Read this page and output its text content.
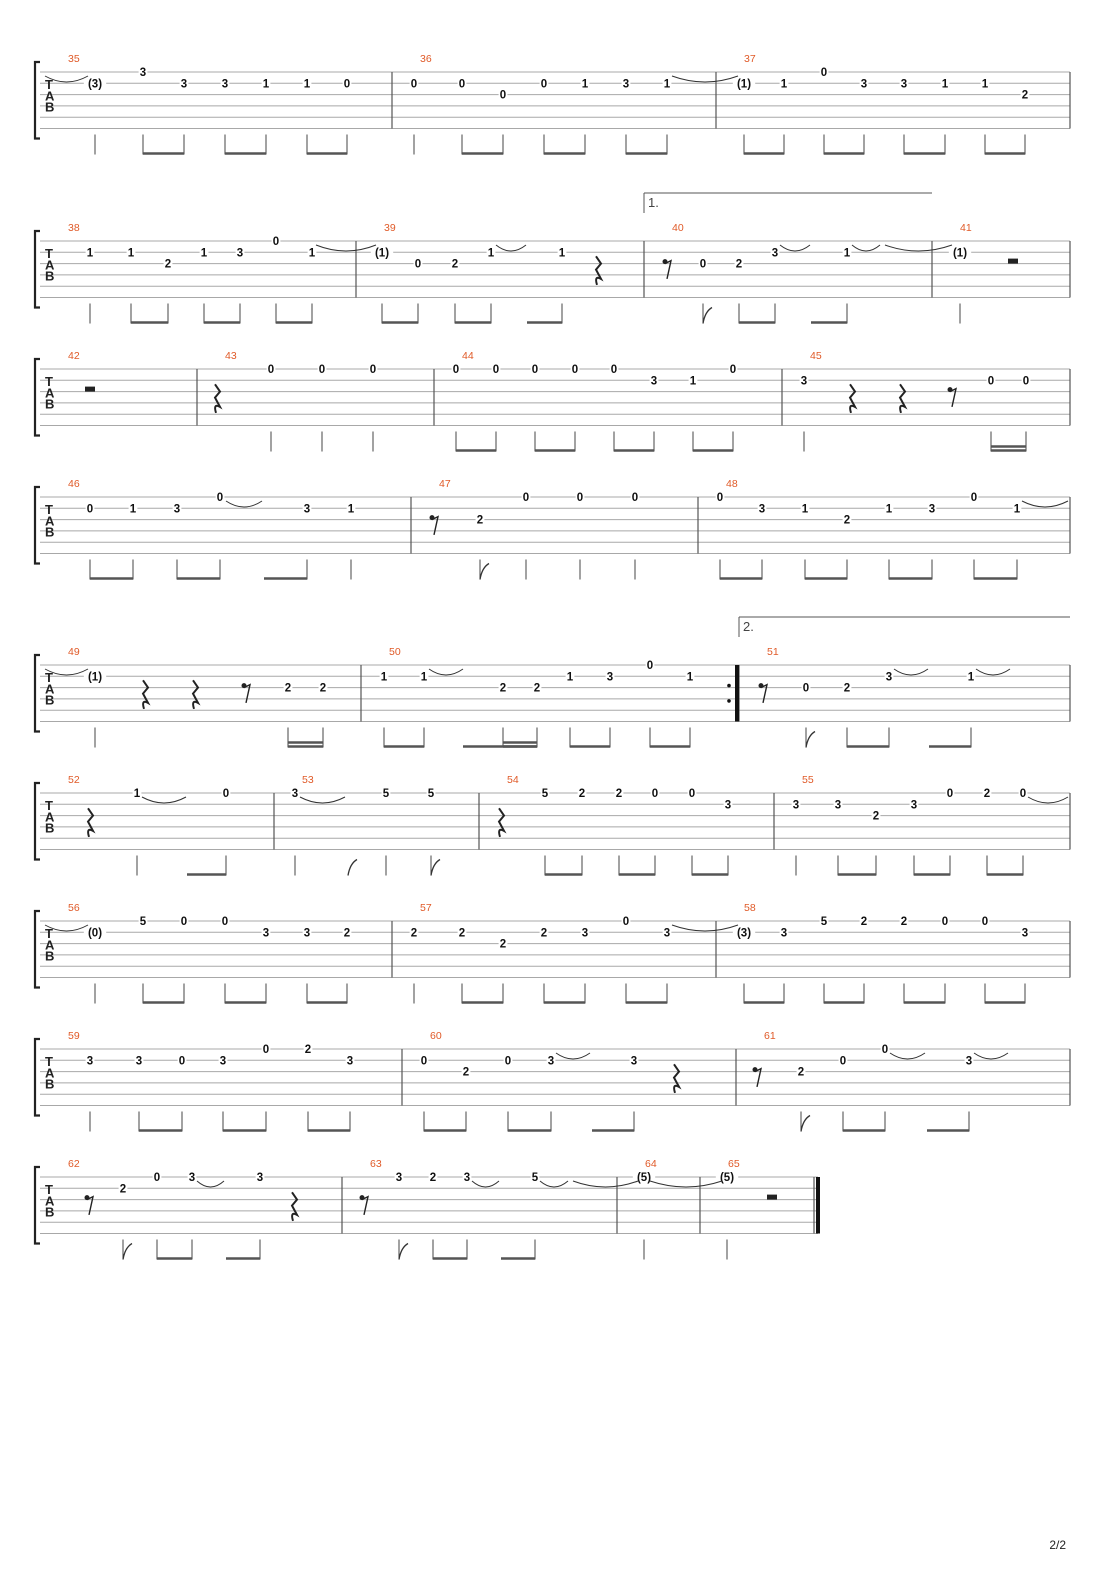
T
A
B
35
(3)
3
3	3	1	1	0
36
0	0
0
0	1	3	1
37
(1)	1
0
3	3	1	1
2
T
A
B
38
1	1
2
1	3
0
1
39
(1)
0	2
1	1
40
1.
0	2
3	1
41
(1)
T
A
B
42	43
0	0	0
44
0	0	0	0	0
3	1
0
45
3	0 0
T
A
B
46
0	1	3
0
3	1
47
2
0	0	0
48
0
3	1
2
1	3
0
1
T
A
B
49
(1)
2 2
50
1	1
2 2
1	3
0
1
51
2.
0	2
3	1
T
A
B
52
1	0
53
3	5	5
54
5	2	2	0	0
3
55
3	3
2
3
0	2	0
T
A
B
56
(0)
5	0	0
3	3	2
57
2	2
2
2	3
0
3
58
(3)	3
5	2	2	0	0
3
T
A
B
59
3	3	0	3
0	2
3
60
0
2
0	3	3
61
2
0
0
3
T
A
B
62
2
0 3	3
63
3 2 3	5
64
(5)
65
(5)
2/2
